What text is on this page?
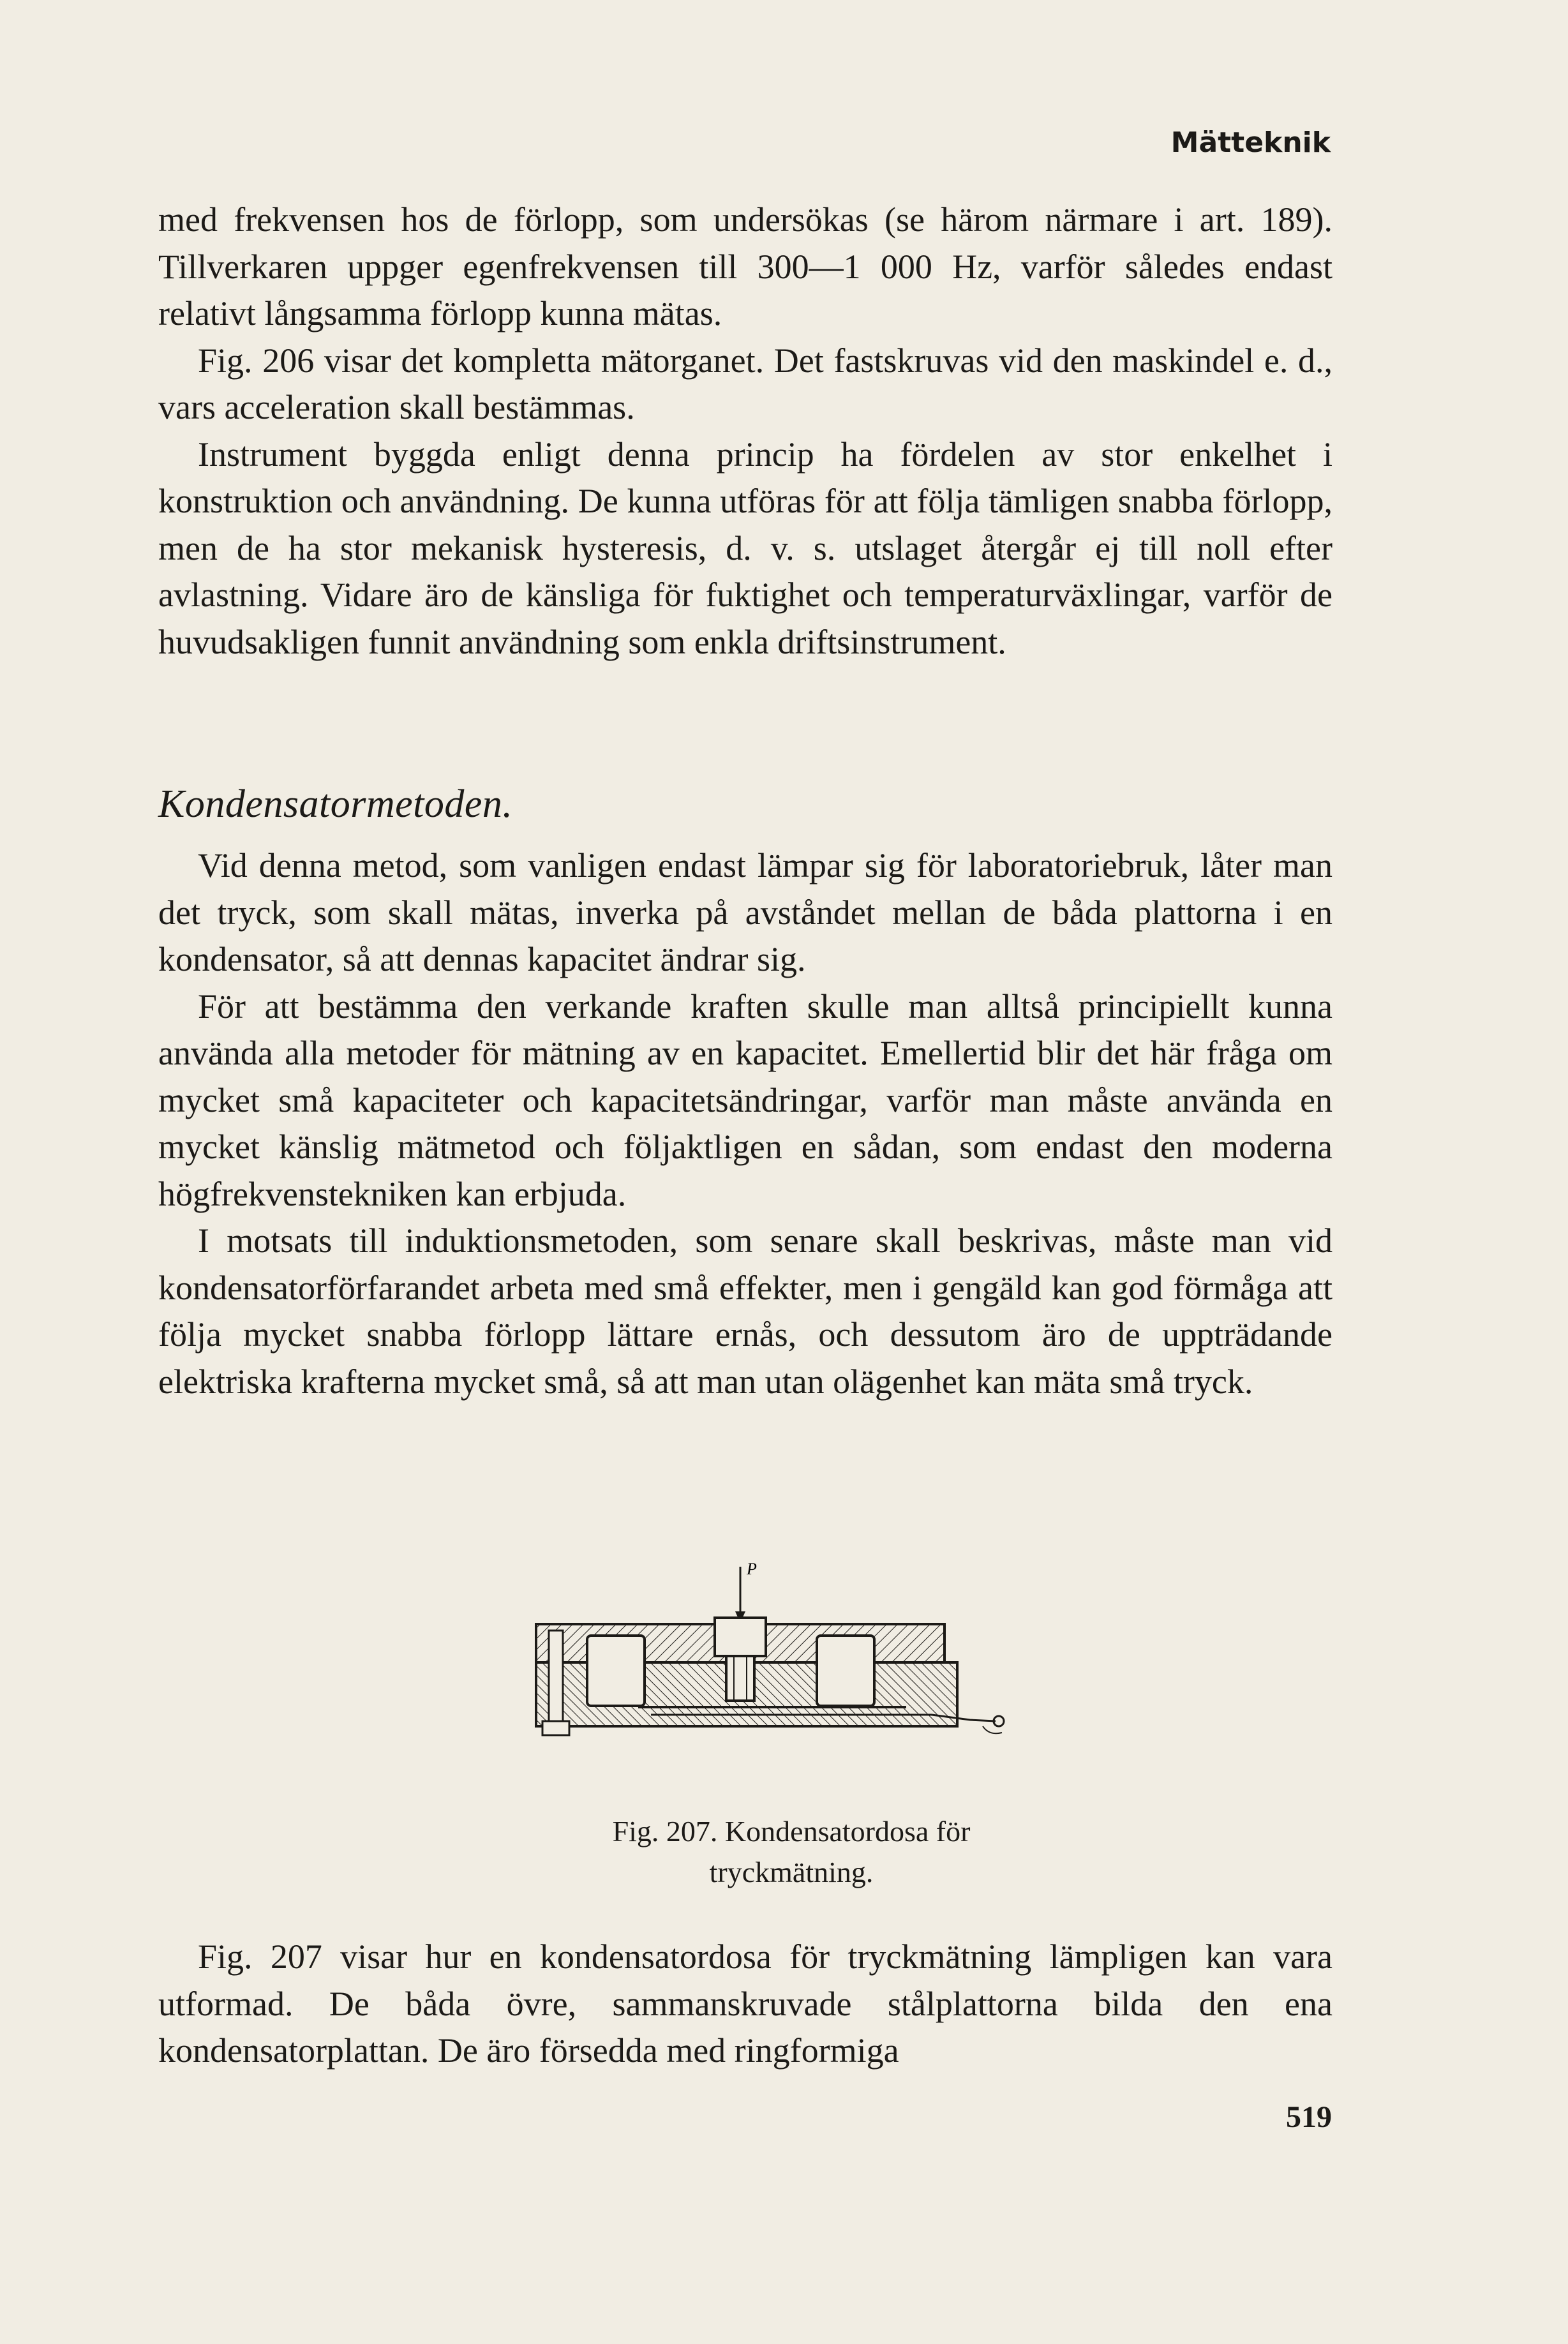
Mätteknik

med frekvensen hos de förlopp, som undersökas (se härom närmare i art. 189). Tillverkaren uppger egenfrekvensen till 300—1 000 Hz, varför således endast relativt långsamma förlopp kunna mätas.

Fig. 206 visar det kompletta mätorganet. Det fastskruvas vid den maskindel e. d., vars acceleration skall bestämmas.

Instrument byggda enligt denna princip ha fördelen av stor enkelhet i konstruktion och användning. De kunna utföras för att följa tämligen snabba förlopp, men de ha stor mekanisk hysteresis, d. v. s. utslaget återgår ej till noll efter avlastning. Vidare äro de känsliga för fuktighet och temperaturväxlingar, varför de huvudsakligen funnit användning som enkla driftsinstrument.

Kondensatormetoden.

Vid denna metod, som vanligen endast lämpar sig för laboratoriebruk, låter man det tryck, som skall mätas, inverka på avståndet mellan de båda plattorna i en kondensator, så att dennas kapacitet ändrar sig.

För att bestämma den verkande kraften skulle man alltså principiellt kunna använda alla metoder för mätning av en kapacitet. Emellertid blir det här fråga om mycket små kapaciteter och kapacitetsändringar, varför man måste använda en mycket känslig mätmetod och följaktligen en sådan, som endast den moderna högfrekvenstekniken kan erbjuda.

I motsats till induktionsmetoden, som senare skall beskrivas, måste man vid kondensatorförfarandet arbeta med små effekter, men i gengäld kan god förmåga att följa mycket snabba förlopp lättare ernås, och dessutom äro de uppträdande elektriska krafterna mycket små, så att man utan olägenhet kan mäta små tryck.

P
Fig. 207. Kondensatordosa för
tryckmätning.

Fig. 207 visar hur en kondensatordosa för tryckmätning lämpligen kan vara utformad. De båda övre, sammanskruvade stålplattorna bilda den ena kondensatorplattan. De äro försedda med ringformiga

519
